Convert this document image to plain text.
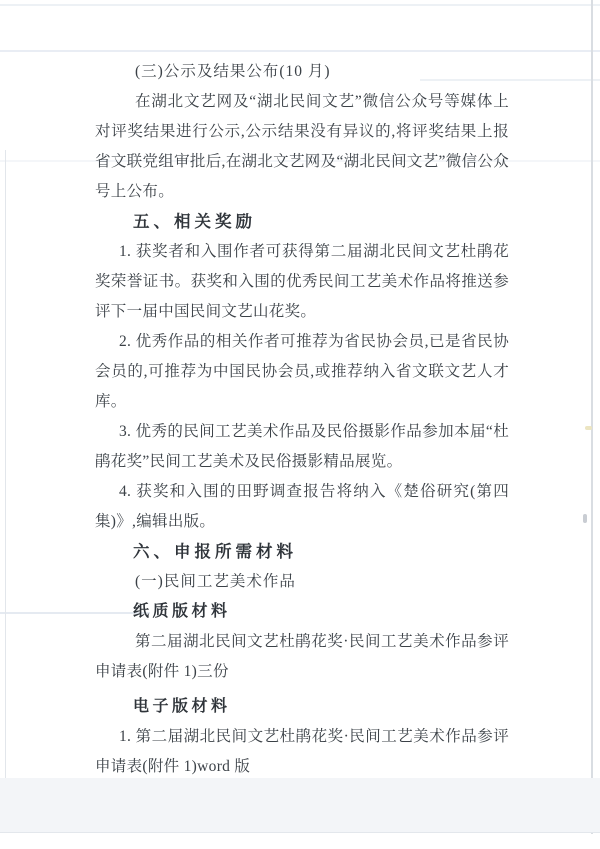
(三)公示及结果公布(10 月)

在湖北文艺网及“湖北民间文艺”微信公众号等媒体上对评奖结果进行公示,公示结果没有异议的,将评奖结果上报省文联党组审批后,在湖北文艺网及“湖北民间文艺”微信公众号上公布。

五、相关奖励

1. 获奖者和入围作者可获得第二届湖北民间文艺杜鹃花奖荣誉证书。获奖和入围的优秀民间工艺美术作品将推送参评下一届中国民间文艺山花奖。

2. 优秀作品的相关作者可推荐为省民协会员,已是省民协会员的,可推荐为中国民协会员,或推荐纳入省文联文艺人才库。

3. 优秀的民间工艺美术作品及民俗摄影作品参加本届“杜鹃花奖”民间工艺美术及民俗摄影精品展览。

4. 获奖和入围的田野调查报告将纳入《楚俗研究(第四集)》,编辑出版。

六、申报所需材料

(一)民间工艺美术作品

纸质版材料

第二届湖北民间文艺杜鹃花奖·民间工艺美术作品参评申请表(附件 1)三份

电子版材料

1. 第二届湖北民间文艺杜鹃花奖·民间工艺美术作品参评申请表(附件 1)word 版
